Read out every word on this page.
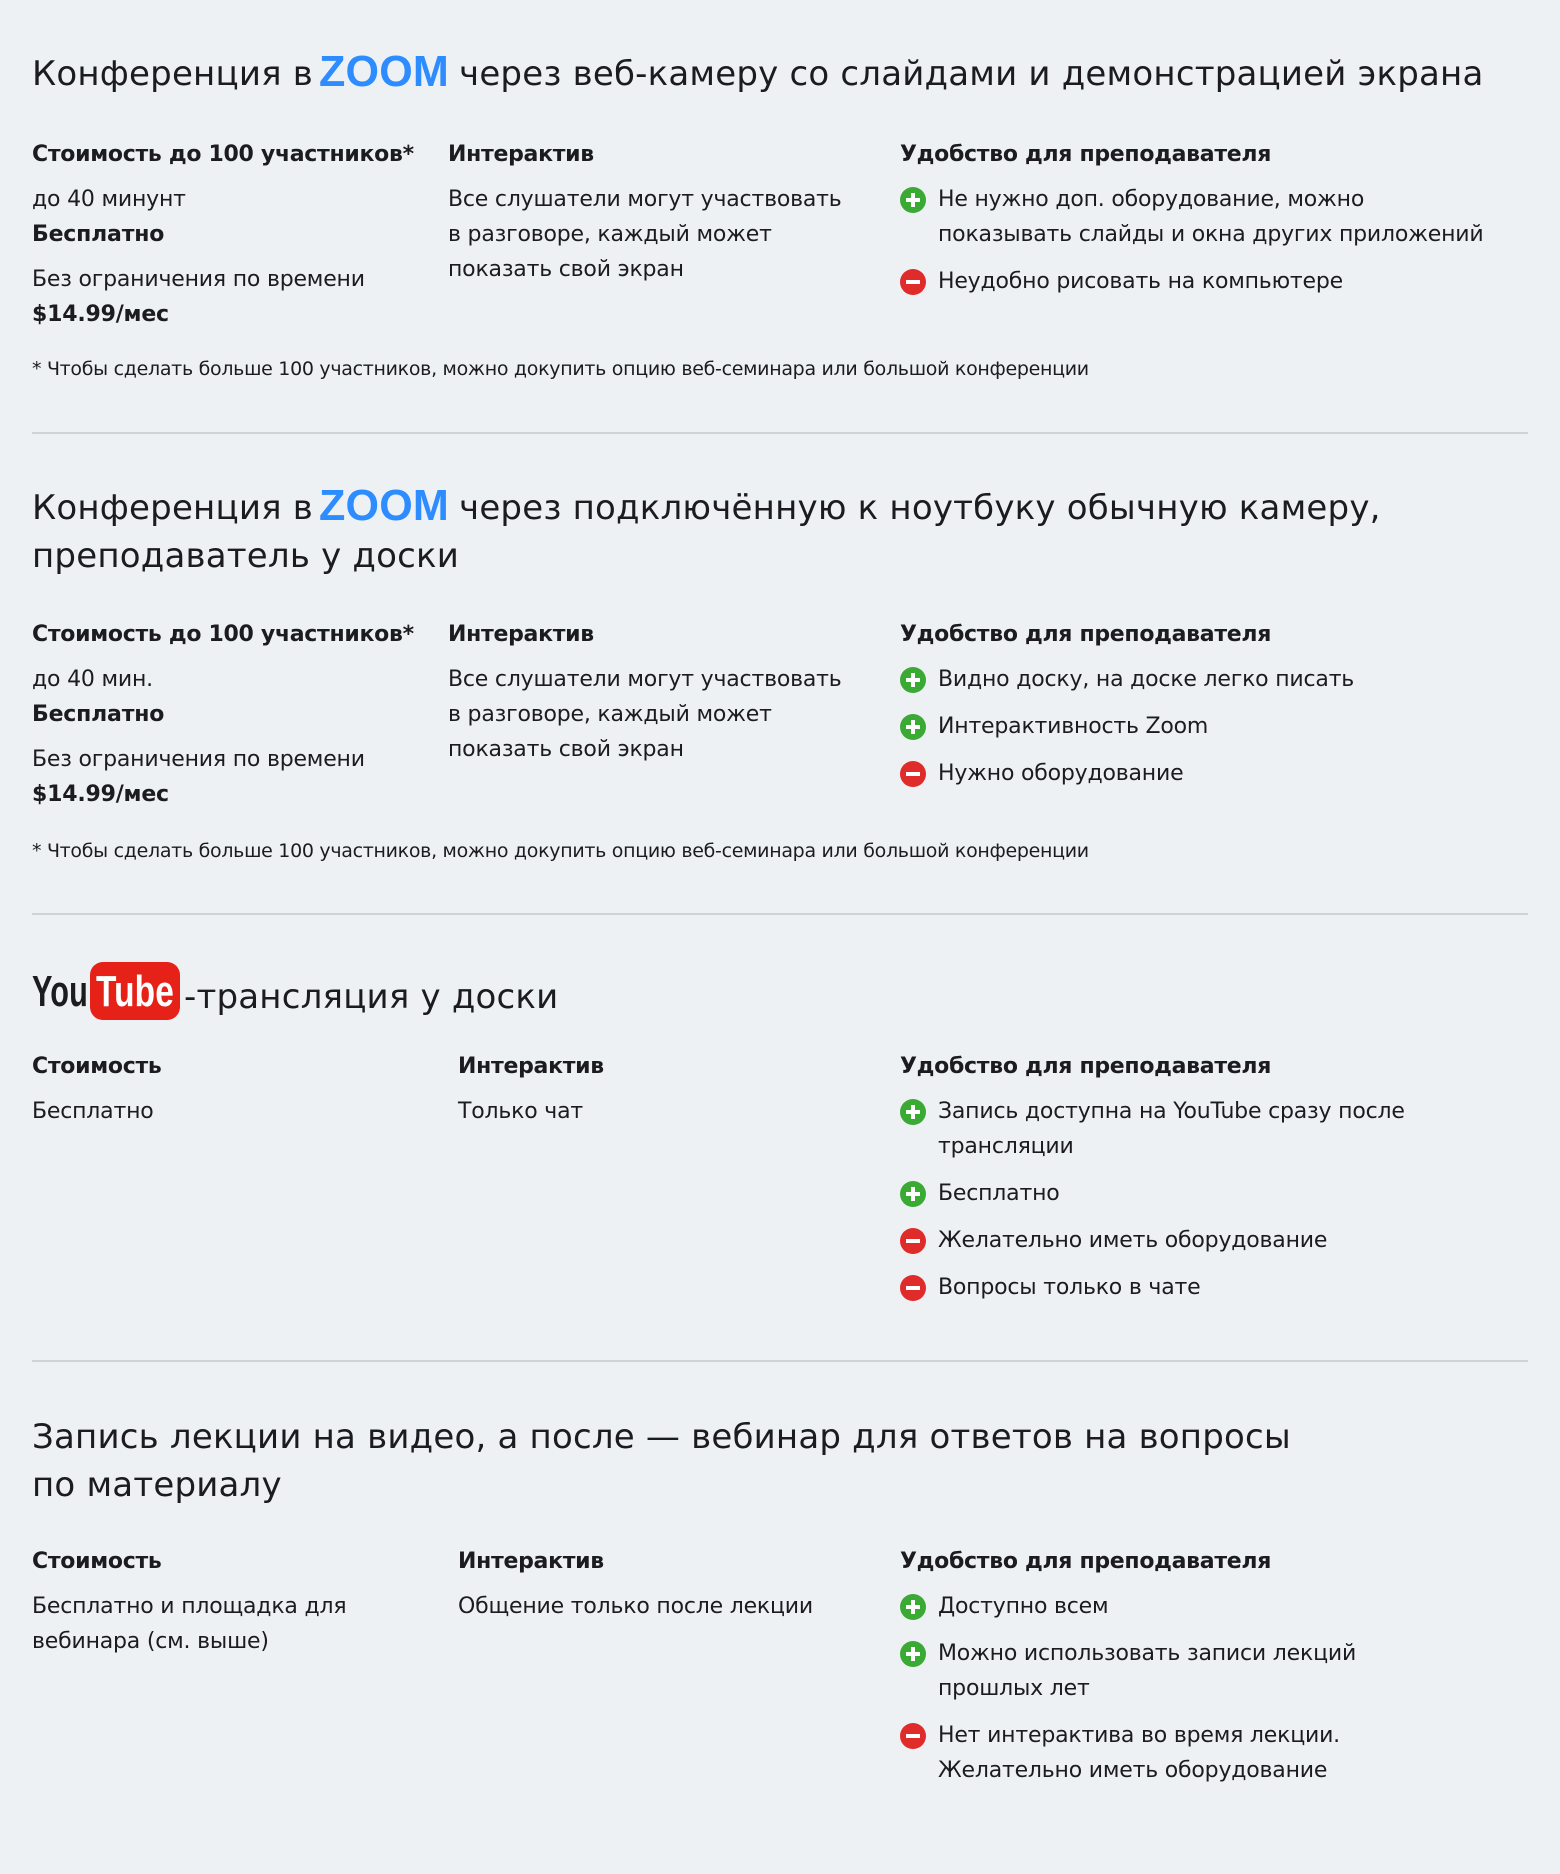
Конференция в ZOOM через веб-камеру со слайдами и демонстрацией экрана
Стоимость до 100 участников*
до 40 минунт
Бесплатно
Без ограничения по времени
$14.99/мес
Интерактив
Все слушатели могут участвовать
в разговоре, каждый может
показать свой экран
Удобство для преподавателя
Не нужно доп. оборудование, можно
показывать слайды и окна других приложений
Неудобно рисовать на компьютере
* Чтобы сделать больше 100 участников, можно докупить опцию веб-семинара или большой конференции
Конференция в ZOOM через подключённую к ноутбуку обычную камеру,
преподаватель у доски
Стоимость до 100 участников*
до 40 мин.
Бесплатно
Без ограничения по времени
$14.99/мес
Интерактив
Все слушатели могут участвовать
в разговоре, каждый может
показать свой экран
Удобство для преподавателя
Видно доску, на доске легко писать
Интерактивность Zoom
Нужно оборудование
* Чтобы сделать больше 100 участников, можно докупить опцию веб-семинара или большой конференции
You Tube -трансляция у доски
Стоимость
Бесплатно
Интерактив
Только чат
Удобство для преподавателя
Запись доступна на YouTube сразу после
трансляции
Бесплатно
Желательно иметь оборудование
Вопросы только в чате
Запись лекции на видео, а после — вебинар для ответов на вопросы
по материалу
Стоимость
Бесплатно и площадка для
вебинара (см. выше)
Интерактив
Общение только после лекции
Удобство для преподавателя
Доступно всем
Можно использовать записи лекций
прошлых лет
Нет интерактива во время лекции.
Желательно иметь оборудование
